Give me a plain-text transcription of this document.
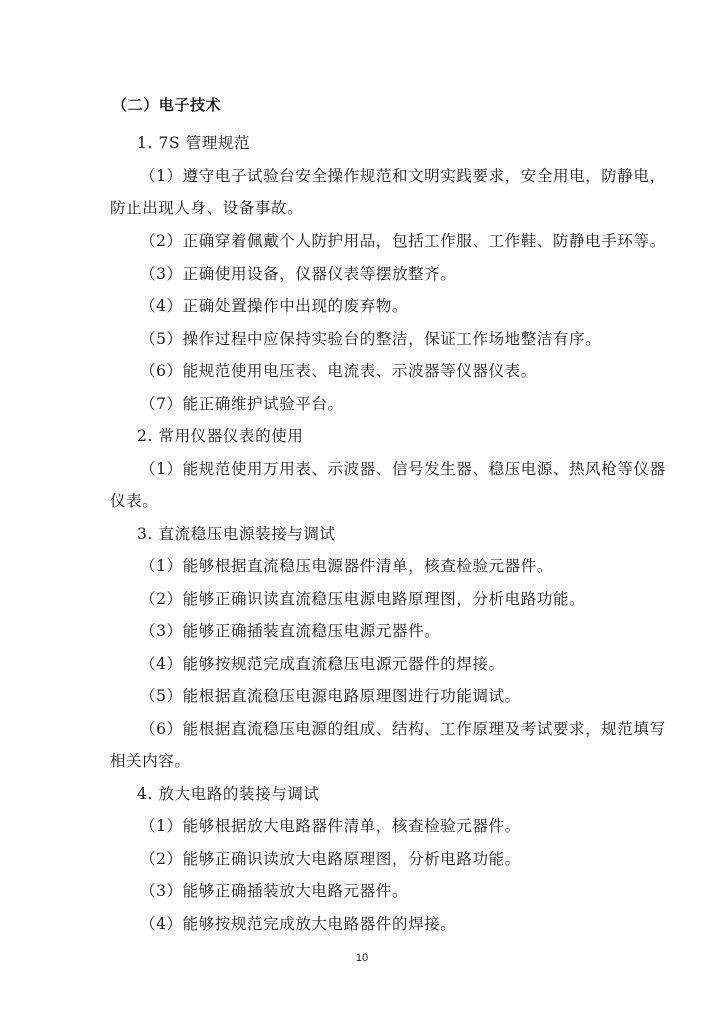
（二）电子技术
1. 7S 管理规范
（1）遵守电子试验台安全操作规范和文明实践要求，安全用电，防静电，
防止出现人身、设备事故。
（2）正确穿着佩戴个人防护用品，包括工作服、工作鞋、防静电手环等。
（3）正确使用设备，仪器仪表等摆放整齐。
（4）正确处置操作中出现的废弃物。
（5）操作过程中应保持实验台的整洁，保证工作场地整洁有序。
（6）能规范使用电压表、电流表、示波器等仪器仪表。
（7）能正确维护试验平台。
2. 常用仪器仪表的使用
（1）能规范使用万用表、示波器、信号发生器、稳压电源、热风枪等仪器
仪表。
3. 直流稳压电源装接与调试
（1）能够根据直流稳压电源器件清单，核查检验元器件。
（2）能够正确识读直流稳压电源电路原理图，分析电路功能。
（3）能够正确插装直流稳压电源元器件。
（4）能够按规范完成直流稳压电源元器件的焊接。
（5）能根据直流稳压电源电路原理图进行功能调试。
（6）能根据直流稳压电源的组成、结构、工作原理及考试要求，规范填写
相关内容。
4. 放大电路的装接与调试
（1）能够根据放大电路器件清单，核查检验元器件。
（2）能够正确识读放大电路原理图，分析电路功能。
（3）能够正确插装放大电路元器件。
（4）能够按规范完成放大电路器件的焊接。
10
